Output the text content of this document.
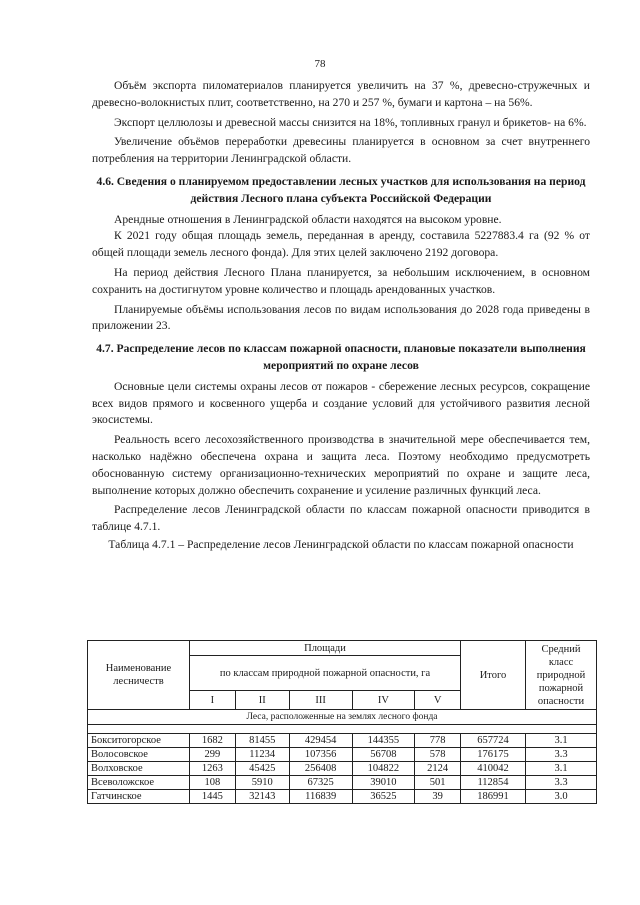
78

Объём экспорта пиломатериалов планируется увеличить на 37 %, древесно-стружечных и древесно-волокнистых плит, соответственно, на 270 и 257 %, бумаги и картона – на 56%.

Экспорт целлюлозы и древесной массы снизится на 18%, топливных гранул и брикетов- на 6%.

Увеличение объёмов переработки древесины планируется в основном за счет внутреннего потребления на территории Ленинградской области.

4.6. Сведения о планируемом предоставлении лесных участков для использования на период действия Лесного плана субъекта Российской Федерации

Арендные отношения в Ленинградской области находятся на высоком уровне.

К 2021 году общая площадь земель, переданная в аренду, составила 5227883.4 га (92 % от общей площади земель лесного фонда). Для этих целей заключено 2192 договора.

На период действия Лесного Плана планируется, за небольшим исключением, в основном сохранить на достигнутом уровне количество и площадь арендованных участков.

Планируемые объёмы использования лесов по видам использования до 2028 года приведены в приложении 23.

4.7. Распределение лесов по классам пожарной опасности, плановые показатели выполнения мероприятий по охране лесов

Основные цели системы охраны лесов от пожаров - сбережение лесных ресурсов, сокращение всех видов прямого и косвенного ущерба и создание условий для устойчивого развития лесной экосистемы.

Реальность всего лесохозяйственного производства в значительной мере обеспечивается тем, насколько надёжно обеспечена охрана и защита леса. Поэтому необходимо предусмотреть обоснованную систему организационно-технических мероприятий по охране и защите леса, выполнение которых должно обеспечить сохранение и усиление различных функций леса.

Распределение лесов Ленинградской области по классам пожарной опасности приводится в таблице 4.7.1.

Таблица 4.7.1 – Распределение лесов Ленинградской области по классам пожарной опасности

Наименование лесничеств	Площади					Итого	Средний класс природной пожарной опасности
	по классам природной пожарной опасности, га						
	I	II	III	IV	V		
Леса, расположенные на землях лесного фонда							

Бокситогорское	1682	81455	429454	144355	778	657724	3.1
Волосовское	299	11234	107356	56708	578	176175	3.3
Волховское	1263	45425	256408	104822	2124	410042	3.1
Всеволожское	108	5910	67325	39010	501	112854	3.3
Гатчинское	1445	32143	116839	36525	39	186991	3.0
